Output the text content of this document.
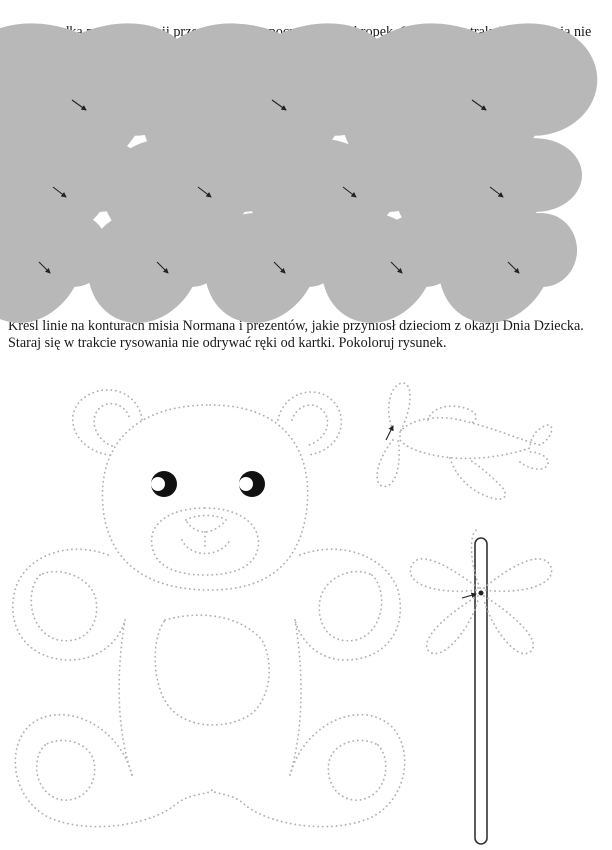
Rysuj kredką po śladzie linii przerywanej, rozpoczynając od kropek. Staraj się w trakcie rysowania nie odrywać ręki od kartki.

Kreśl linie na konturach misia Normana i prezentów, jakie przyniósł dzieciom z okazji Dnia Dziecka. Staraj się w trakcie rysowania nie odrywać ręki od kartki. Pokoloruj rysunek.
